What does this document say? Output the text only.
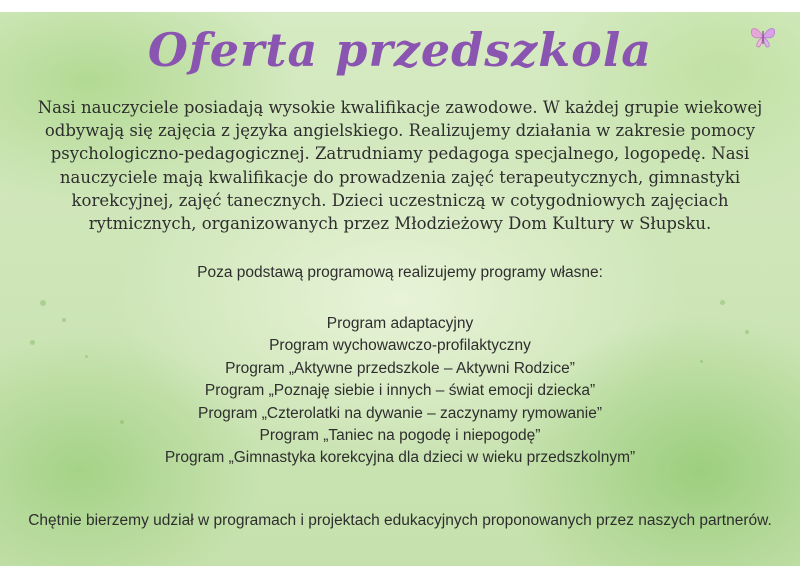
Oferta przedszkola

Nasi nauczyciele posiadają wysokie kwalifikacje zawodowe. W każdej grupie wiekowej odbywają się zajęcia z języka angielskiego. Realizujemy działania w zakresie pomocy psychologiczno-pedagogicznej. Zatrudniamy pedagoga specjalnego, logopedę. Nasi nauczyciele mają kwalifikacje do prowadzenia zajęć terapeutycznych, gimnastyki korekcyjnej, zajęć tanecznych. Dzieci uczestniczą w cotygodniowych zajęciach rytmicznych, organizowanych przez Młodzieżowy Dom Kultury w Słupsku.

Poza podstawą programową realizujemy programy własne:

Program adaptacyjny
Program wychowawczo-profilaktyczny
Program „Aktywne przedszkole – Aktywni Rodzice”
Program „Poznaję siebie i innych – świat emocji dziecka”
Program „Czterolatki na dywanie – zaczynamy rymowanie”
Program „Taniec na pogodę i niepogodę”
Program „Gimnastyka korekcyjna dla dzieci w wieku przedszkolnym”

Chętnie bierzemy udział w programach i projektach edukacyjnych proponowanych przez naszych partnerów.
